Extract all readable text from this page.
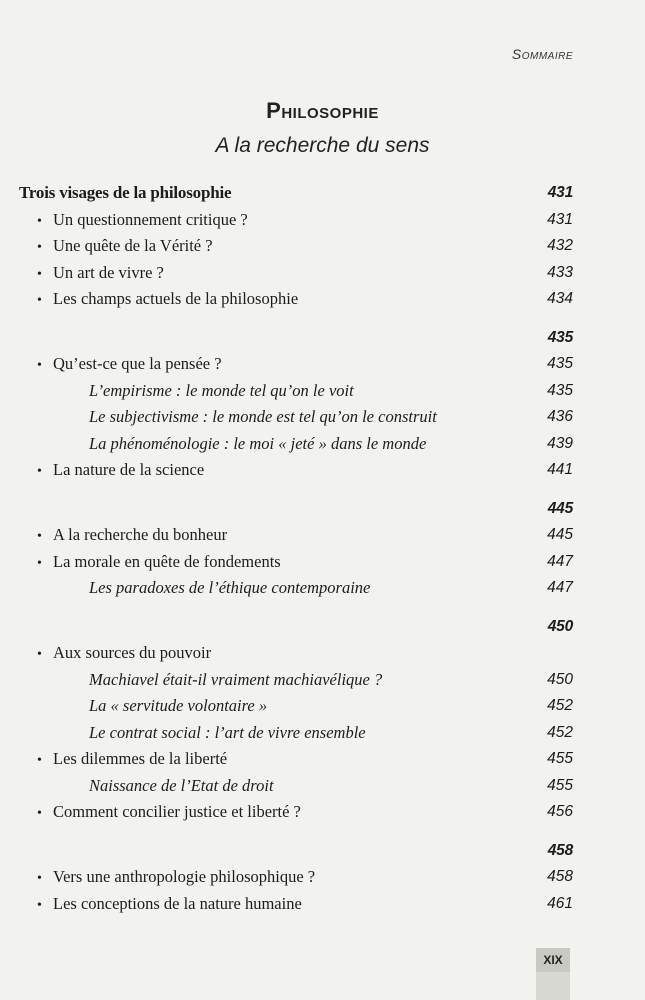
Sommaire
Philosophie
A la recherche du sens
Trois visages de la philosophie	431
• Un questionnement critique ?	431
• Une quête de la Vérité ?	432
• Un art de vivre ?	433
• Les champs actuels de la philosophie	434
435
• Qu’est-ce que la pensée ?	435
L’empirisme : le monde tel qu’on le voit	435
Le subjectivisme : le monde est tel qu’on le construit	436
La phénoménologie : le moi « jeté » dans le monde	439
• La nature de la science	441
445
• A la recherche du bonheur	445
• La morale en quête de fondements	447
Les paradoxes de l’éthique contemporaine	447
450
• Aux sources du pouvoir
Machiavel était-il vraiment machiavélique ?	450
La « servitude volontaire »	452
Le contrat social : l’art de vivre ensemble	452
• Les dilemmes de la liberté	455
Naissance de l’Etat de droit	455
• Comment concilier justice et liberté ?	456
458
• Vers une anthropologie philosophique ?	458
• Les conceptions de la nature humaine	461
XIX
